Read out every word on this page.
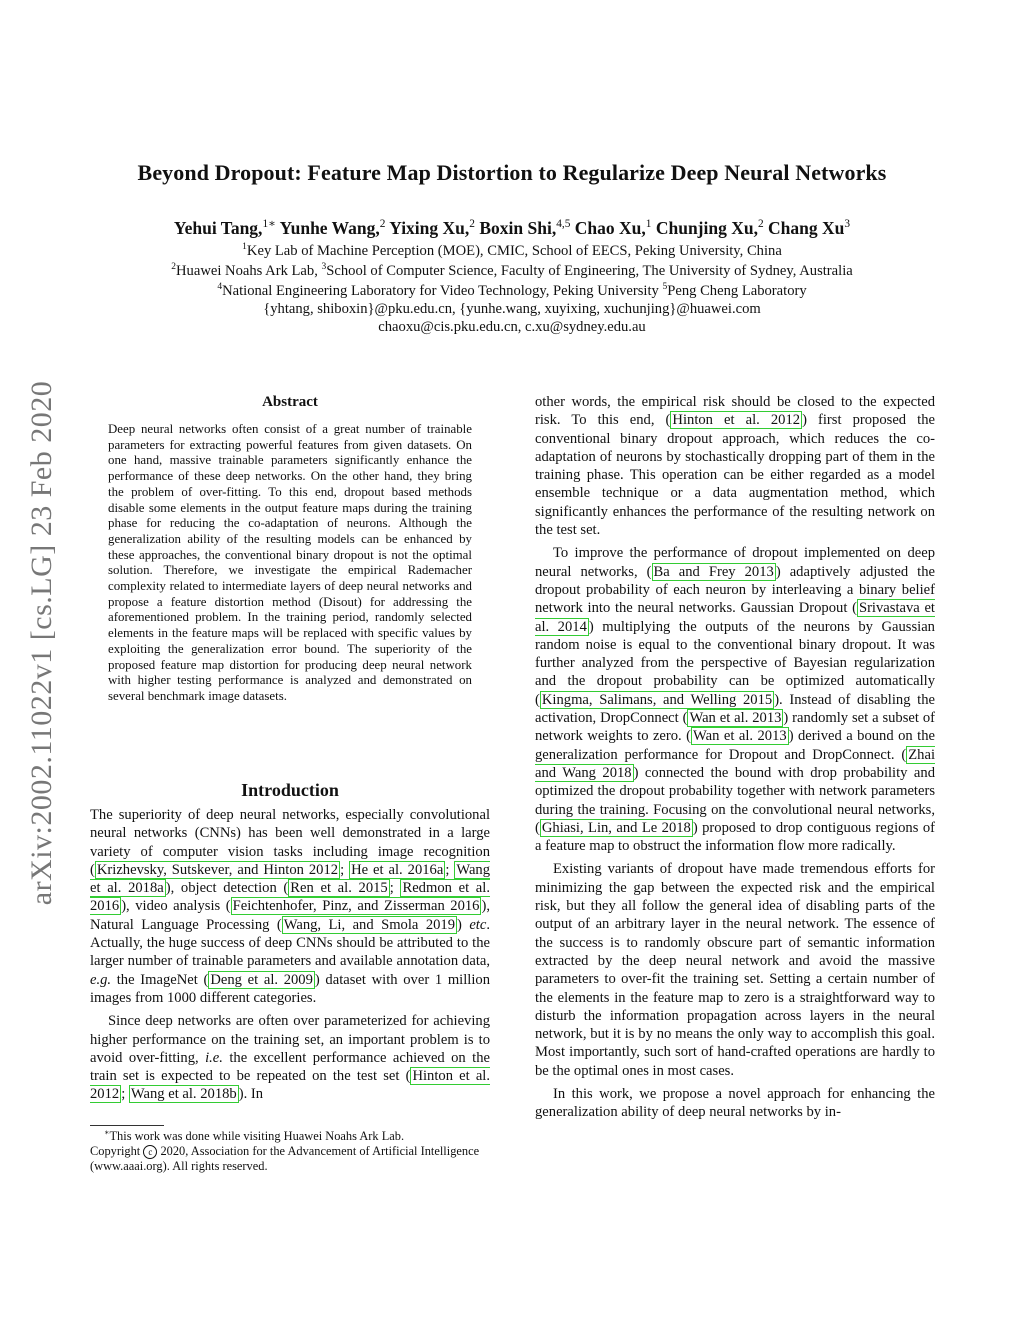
arXiv:2002.11022v1 [cs.LG] 23 Feb 2020
Beyond Dropout: Feature Map Distortion to Regularize Deep Neural Networks
Yehui Tang,$^{1∗}$ Yunhe Wang,$^2$ Yixing Xu,$^2$ Boxin Shi,$^{4,5}$ Chao Xu,$^1$ Chunjing Xu,$^2$ Chang Xu$^3$
$^1$Key Lab of Machine Perception (MOE), CMIC, School of EECS, Peking University, China
$^2$Huawei Noahs Ark Lab, $^3$School of Computer Science, Faculty of Engineering, The University of Sydney, Australia
$^4$National Engineering Laboratory for Video Technology, Peking University $^5$Peng Cheng Laboratory
{yhtang, shiboxin}@pku.edu.cn, {yunhe.wang, xuyixing, xuchunjing}@huawei.com
chaoxu@cis.pku.edu.cn, c.xu@sydney.edu.au
Abstract
Deep neural networks often consist of a great number of trainable parameters for extracting powerful features from given datasets. On one hand, massive trainable parameters significantly enhance the performance of these deep networks. On the other hand, they bring the problem of over-fitting. To this end, dropout based methods disable some elements in the output feature maps during the training phase for reducing the co-adaptation of neurons. Although the generalization ability of the resulting models can be enhanced by these approaches, the conventional binary dropout is not the optimal solution. Therefore, we investigate the empirical Rademacher complexity related to intermediate layers of deep neural networks and propose a feature distortion method (Disout) for addressing the aforementioned problem. In the training period, randomly selected elements in the feature maps will be replaced with specific values by exploiting the generalization error bound. The superiority of the proposed feature map distortion for producing deep neural network with higher testing performance is analyzed and demonstrated on several benchmark image datasets.
Introduction

The superiority of deep neural networks, especially convolutional neural networks (CNNs) has been well demonstrated in a large variety of computer vision tasks including image recognition ( Krizhevsky, Sutskever, and Hinton 2012 ; He et al. 2016a ; Wang et al. 2018a ), object detection ( Ren et al. 2015 ; Redmon et al. 2016 ), video analysis ( Feichtenhofer, Pinz, and Zisserman 2016 ), Natural Language Processing ( Wang, Li, and Smola 2019 ) etc. Actually, the huge success of deep CNNs should be attributed to the larger number of trainable parameters and available annotation data, e.g. the ImageNet ( Deng et al. 2009 ) dataset with over 1 million images from 1000 different categories.

Since deep networks are often over parameterized for achieving higher performance on the training set, an important problem is to avoid over-fitting, i.e. the excellent performance achieved on the train set is expected to be repeated on the test set ( Hinton et al. 2012 ; Wang et al. 2018b ). In

∗This work was done while visiting Huawei Noahs Ark Lab.

Copyright c 2020, Association for the Advancement of Artificial Intelligence (www.aaai.org). All rights reserved.

other words, the empirical risk should be closed to the expected risk. To this end, ( Hinton et al. 2012 ) first proposed the conventional binary dropout approach, which reduces the co-adaptation of neurons by stochastically dropping part of them in the training phase. This operation can be either regarded as a model ensemble technique or a data augmentation method, which significantly enhances the performance of the resulting network on the test set.

To improve the performance of dropout implemented on deep neural networks, ( Ba and Frey 2013 ) adaptively adjusted the dropout probability of each neuron by interleaving a binary belief network into the neural networks. Gaussian Dropout ( Srivastava et al. 2014 ) multiplying the outputs of the neurons by Gaussian random noise is equal to the conventional binary dropout. It was further analyzed from the perspective of Bayesian regularization and the dropout probability can be optimized automatically ( Kingma, Salimans, and Welling 2015 ). Instead of disabling the activation, DropConnect ( Wan et al. 2013 ) randomly set a subset of network weights to zero. ( Wan et al. 2013 ) derived a bound on the generalization performance for Dropout and DropConnect. ( Zhai and Wang 2018 ) connected the bound with drop probability and optimized the dropout probability together with network parameters during the training. Focusing on the convolutional neural networks, ( Ghiasi, Lin, and Le 2018 ) proposed to drop contiguous regions of a feature map to obstruct the information flow more radically.

Existing variants of dropout have made tremendous efforts for minimizing the gap between the expected risk and the empirical risk, but they all follow the general idea of disabling parts of the output of an arbitrary layer in the neural network. The essence of the success is to randomly obscure part of semantic information extracted by the deep neural network and avoid the massive parameters to over-fit the training set. Setting a certain number of the elements in the feature map to zero is a straightforward way to disturb the information propagation across layers in the neural network, but it is by no means the only way to accomplish this goal. Most importantly, such sort of hand-crafted operations are hardly to be the optimal ones in most cases.

In this work, we propose a novel approach for enhancing the generalization ability of deep neural networks by in-
